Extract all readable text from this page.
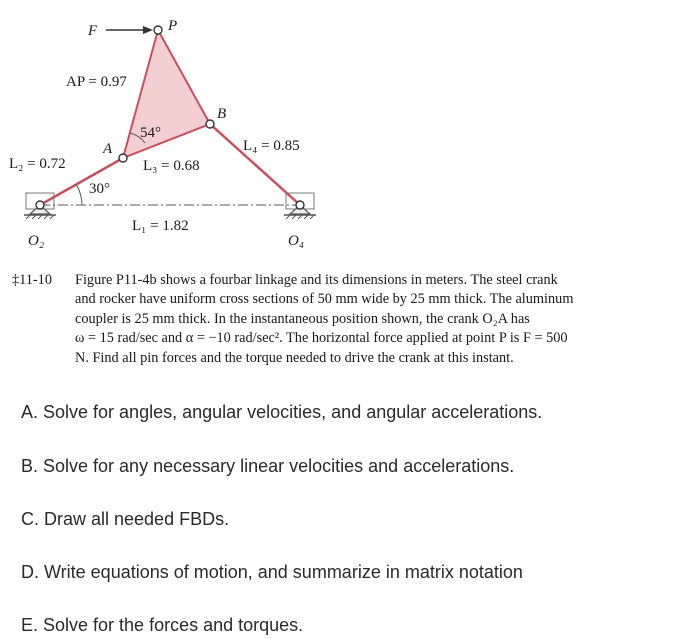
F	P
A
B
AP = 0.97
54°
30°
L₂ = 0.72	L₃ = 0.68
L₄ = 0.85
L₁ = 1.82
O₂	O₄
‡11-10	Figure P11-4b shows a fourbar linkage and its dimensions in meters. The steel crank
and rocker have uniform cross sections of 50 mm wide by 25 mm thick. The aluminum
coupler is 25 mm thick. In the instantaneous position shown, the crank O₂A has
ω = 15 rad/sec and α = −10 rad/sec². The horizontal force applied at point P is F = 500
N. Find all pin forces and the torque needed to drive the crank at this instant.
A. Solve for angles, angular velocities, and angular accelerations.
B. Solve for any necessary linear velocities and accelerations.
C. Draw all needed FBDs.
D. Write equations of motion, and summarize in matrix notation
E. Solve for the forces and torques.
